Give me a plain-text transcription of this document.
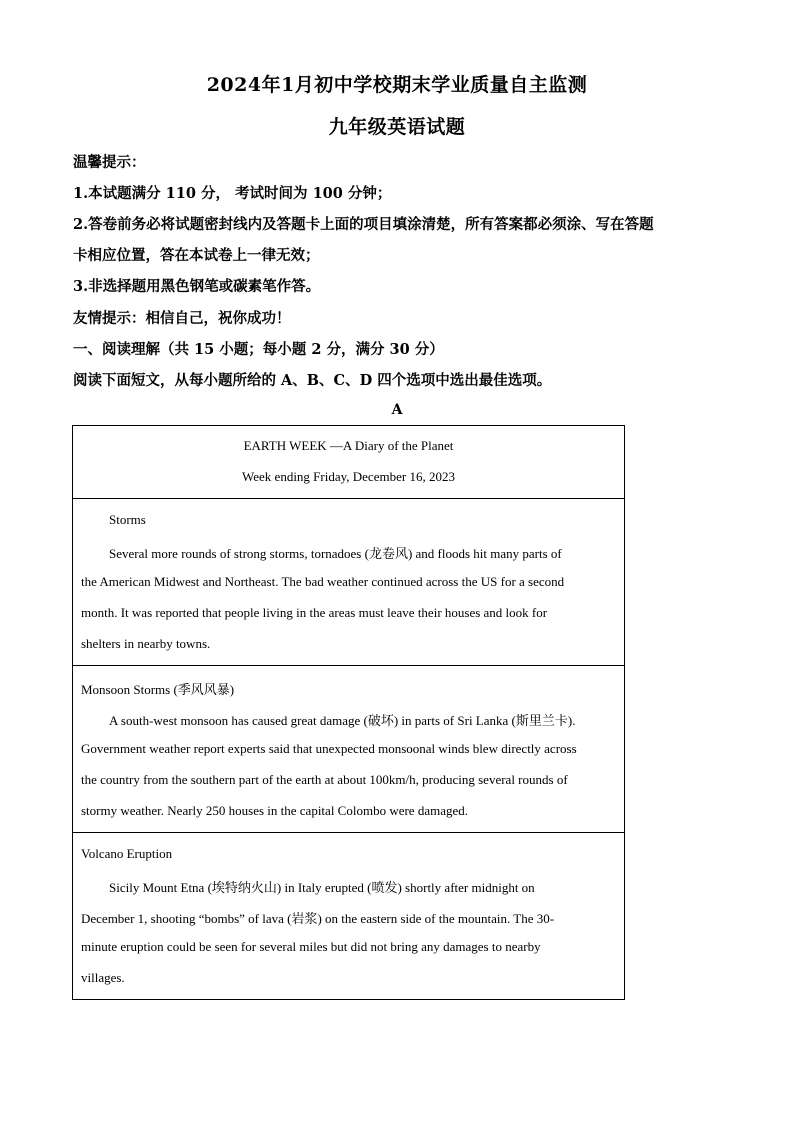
2024年1月初中学校期末学业质量自主监测
九年级英语试题
温馨提示：
1.本试题满分 110 分， 考试时间为 100 分钟；
2.答卷前务必将试题密封线内及答题卡上面的项目填涂清楚，所有答案都必须涂、写在答题
卡相应位置，答在本试卷上一律无效；
3.非选择题用黑色钢笔或碳素笔作答。
友情提示：相信自己，祝你成功！
一、阅读理解（共 15 小题；每小题 2 分，满分 30 分）
阅读下面短文，从每小题所给的 A、B、C、D 四个选项中选出最佳选项。
A
EARTH WEEK —A Diary of the Planet
Week ending Friday, December 16, 2023
Storms
Several more rounds of strong storms, tornadoes (龙卷风) and floods hit many parts of
the American Midwest and Northeast. The bad weather continued across the US for a second
month. It was reported that people living in the areas must leave their houses and look for
shelters in nearby towns.
Monsoon Storms (季风风暴)
A south-west monsoon has caused great damage (破坏) in parts of Sri Lanka (斯里兰卡).
Government weather report experts said that unexpected monsoonal winds blew directly across
the country from the southern part of the earth at about 100km/h, producing several rounds of
stormy weather. Nearly 250 houses in the capital Colombo were damaged.
Volcano Eruption
Sicily Mount Etna (埃特纳火山) in Italy erupted (喷发) shortly after midnight on
December 1, shooting “bombs” of lava (岩浆) on the eastern side of the mountain. The 30-
minute eruption could be seen for several miles but did not bring any damages to nearby
villages.
